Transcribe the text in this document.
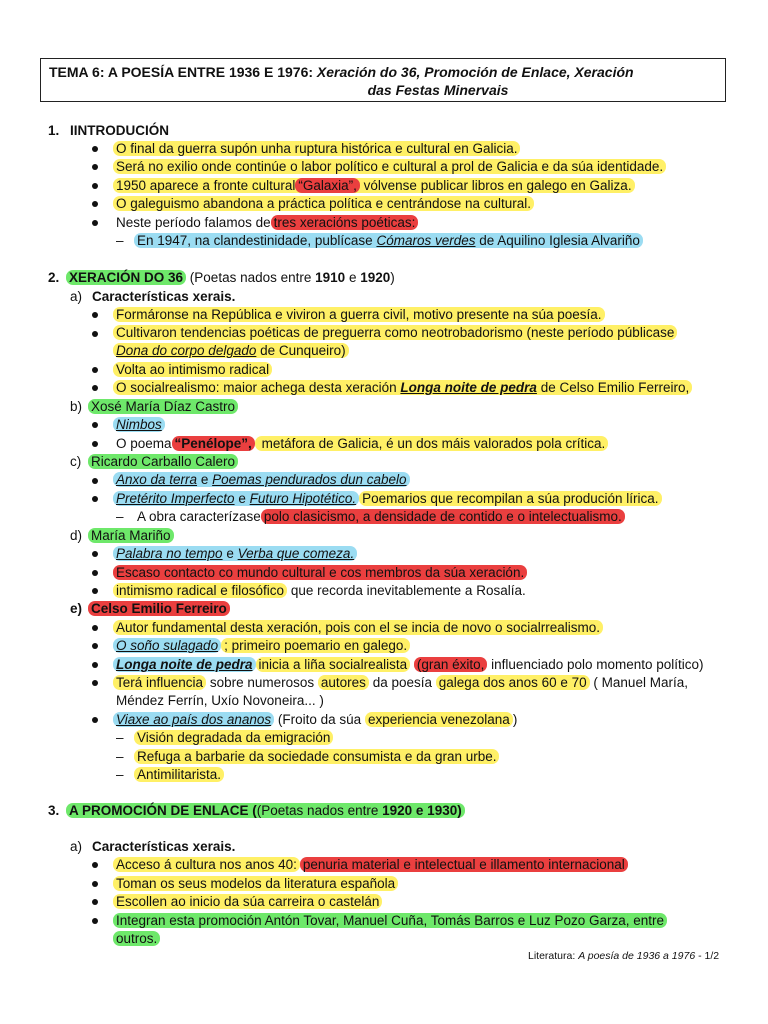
TEMA 6: A POESÍA ENTRE 1936 E 1976: Xeración do 36, Promoción de Enlace, Xeración
das Festas Minervais
1. IINTRODUCIÓN
O final da guerra supón unha ruptura histórica e cultural en Galicia.
Será no exilio onde continúe o labor político e cultural a prol de Galicia e da súa identidade.
1950 aparece a fronte cultural “Galaxia”, vólvense publicar libros en galego en Galiza.
O galeguismo abandona a práctica política e centrándose na cultural.
Neste período falamos de tres xeracións poéticas:
– En 1947, na clandestinidade, publícase Cómaros verdes de Aquilino Iglesia Alvariño
2. XERACIÓN DO 36 (Poetas nados entre 1910 e 1920)
a) Características xerais.
Formáronse na República e viviron a guerra civil, motivo presente na súa poesía.
Cultivaron tendencias poéticas de preguerra como neotrobadorismo (neste período públicase
Dona do corpo delgado de Cunqueiro)
Volta ao intimismo radical
O socialrealismo: maior achega desta xeración Longa noite de pedra de Celso Emilio Ferreiro,
b) Xosé María Díaz Castro
Nimbos
O poema “Penélope”, metáfora de Galicia, é un dos máis valorados pola crítica.
c) Ricardo Carballo Calero
Anxo da terra e Poemas pendurados dun cabelo
Pretérito Imperfecto e Futuro Hipotético. Poemarios que recompilan a súa produción lírica.
– A obra caracterízase polo clasicismo, a densidade de contido e o intelectualismo.
d) María Mariño
Palabra no tempo e Verba que comeza.
Escaso contacto co mundo cultural e cos membros da súa xeración.
intimismo radical e filosófico que recorda inevitablemente a Rosalía.
e) Celso Emilio Ferreiro
Autor fundamental desta xeración, pois con el se incia de novo o socialrrealismo.
O soño sulagado ; primeiro poemario en galego.
Longa noite de pedra inicia a liña socialrealista (gran éxito, influenciado polo momento político)
Terá influencia sobre numerosos autores da poesía galega dos anos 60 e 70 ( Manuel María,
Méndez Ferrín, Uxío Novoneira... )
Viaxe ao país dos ananos (Froito da súa experiencia venezolana )
– Visión degradada da emigración
– Refuga a barbarie da sociedade consumista e da gran urbe.
– Antimilitarista.
3. A PROMOCIÓN DE ENLACE ((Poetas nados entre 1920 e 1930)
a) Características xerais.
Acceso á cultura nos anos 40: penuria material e intelectual e illamento internacional
Toman os seus modelos da literatura española
Escollen ao inicio da súa carreira o castelán
Integran esta promoción Antón Tovar, Manuel Cuña, Tomás Barros e Luz Pozo Garza, entre
outros.
Literatura: A poesía de 1936 a 1976 - 1/2
